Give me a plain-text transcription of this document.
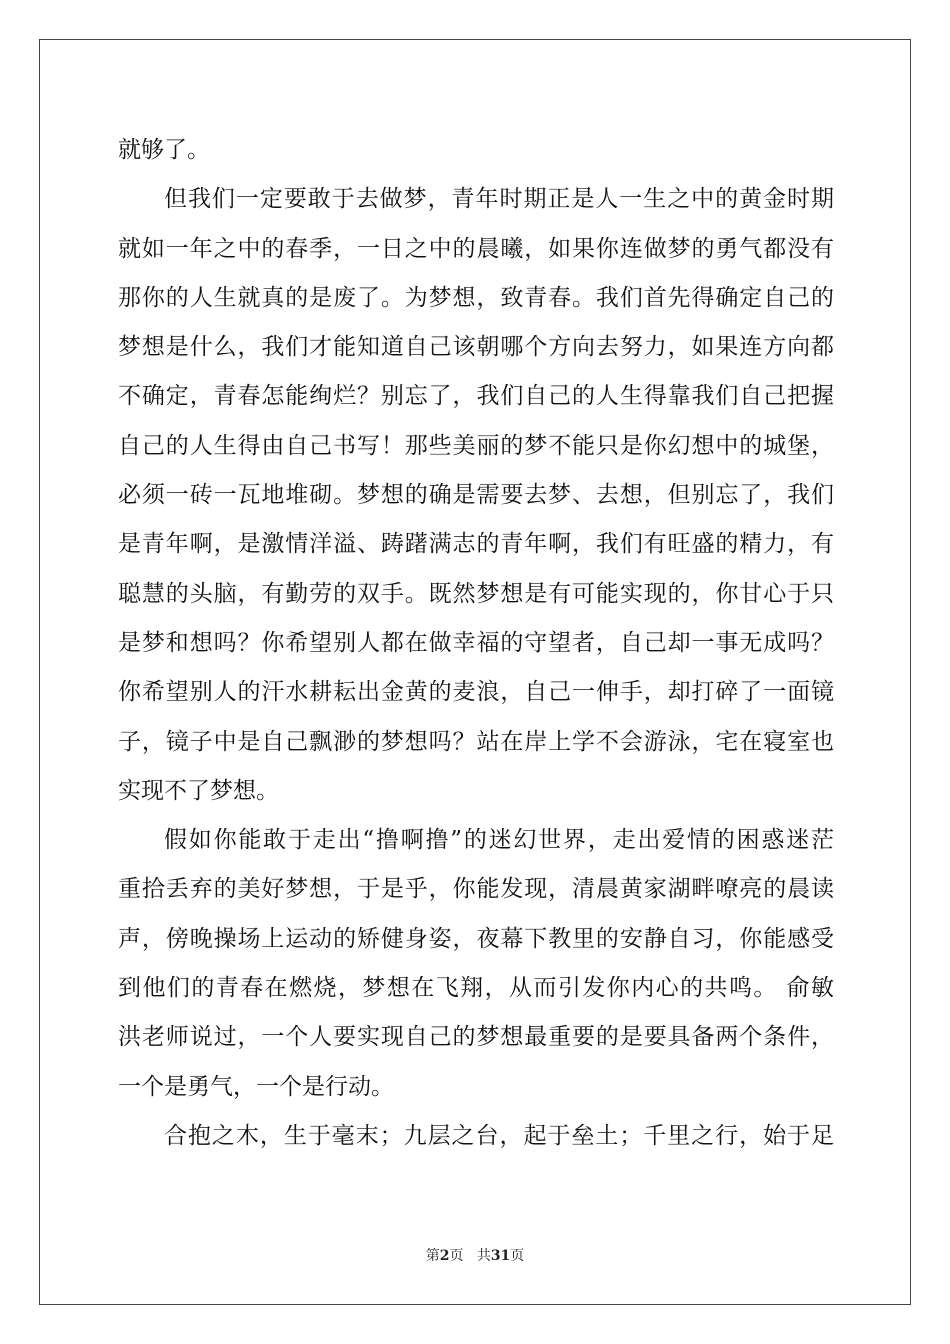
就够了。
但我们一定要敢于去做梦，青年时期正是人一生之中的黄金时期
就如一年之中的春季，一日之中的晨曦，如果你连做梦的勇气都没有
那你的人生就真的是废了。为梦想，致青春。我们首先得确定自己的
梦想是什么，我们才能知道自己该朝哪个方向去努力，如果连方向都
不确定，青春怎能绚烂？别忘了，我们自己的人生得靠我们自己把握
自己的人生得由自己书写！那些美丽的梦不能只是你幻想中的城堡，
必须一砖一瓦地堆砌。梦想的确是需要去梦、去想，但别忘了，我们
是青年啊，是激情洋溢、踌躇满志的青年啊，我们有旺盛的精力，有
聪慧的头脑，有勤劳的双手。既然梦想是有可能实现的，你甘心于只
是梦和想吗？你希望别人都在做幸福的守望者，自己却一事无成吗？
你希望别人的汗水耕耘出金黄的麦浪，自己一伸手，却打碎了一面镜
子，镜子中是自己飘渺的梦想吗？站在岸上学不会游泳，宅在寝室也
实现不了梦想。
假如你能敢于走出“撸啊撸”的迷幻世界，走出爱情的困惑迷茫
重拾丢弃的美好梦想，于是乎，你能发现，清晨黄家湖畔嘹亮的晨读
声，傍晚操场上运动的矫健身姿，夜幕下教里的安静自习，你能感受
到他们的青春在燃烧，梦想在飞翔，从而引发你内心的共鸣。 俞敏
洪老师说过，一个人要实现自己的梦想最重要的是要具备两个条件，
一个是勇气，一个是行动。
合抱之木，生于毫末；九层之台，起于垒土；千里之行，始于足
第2页 共31页
